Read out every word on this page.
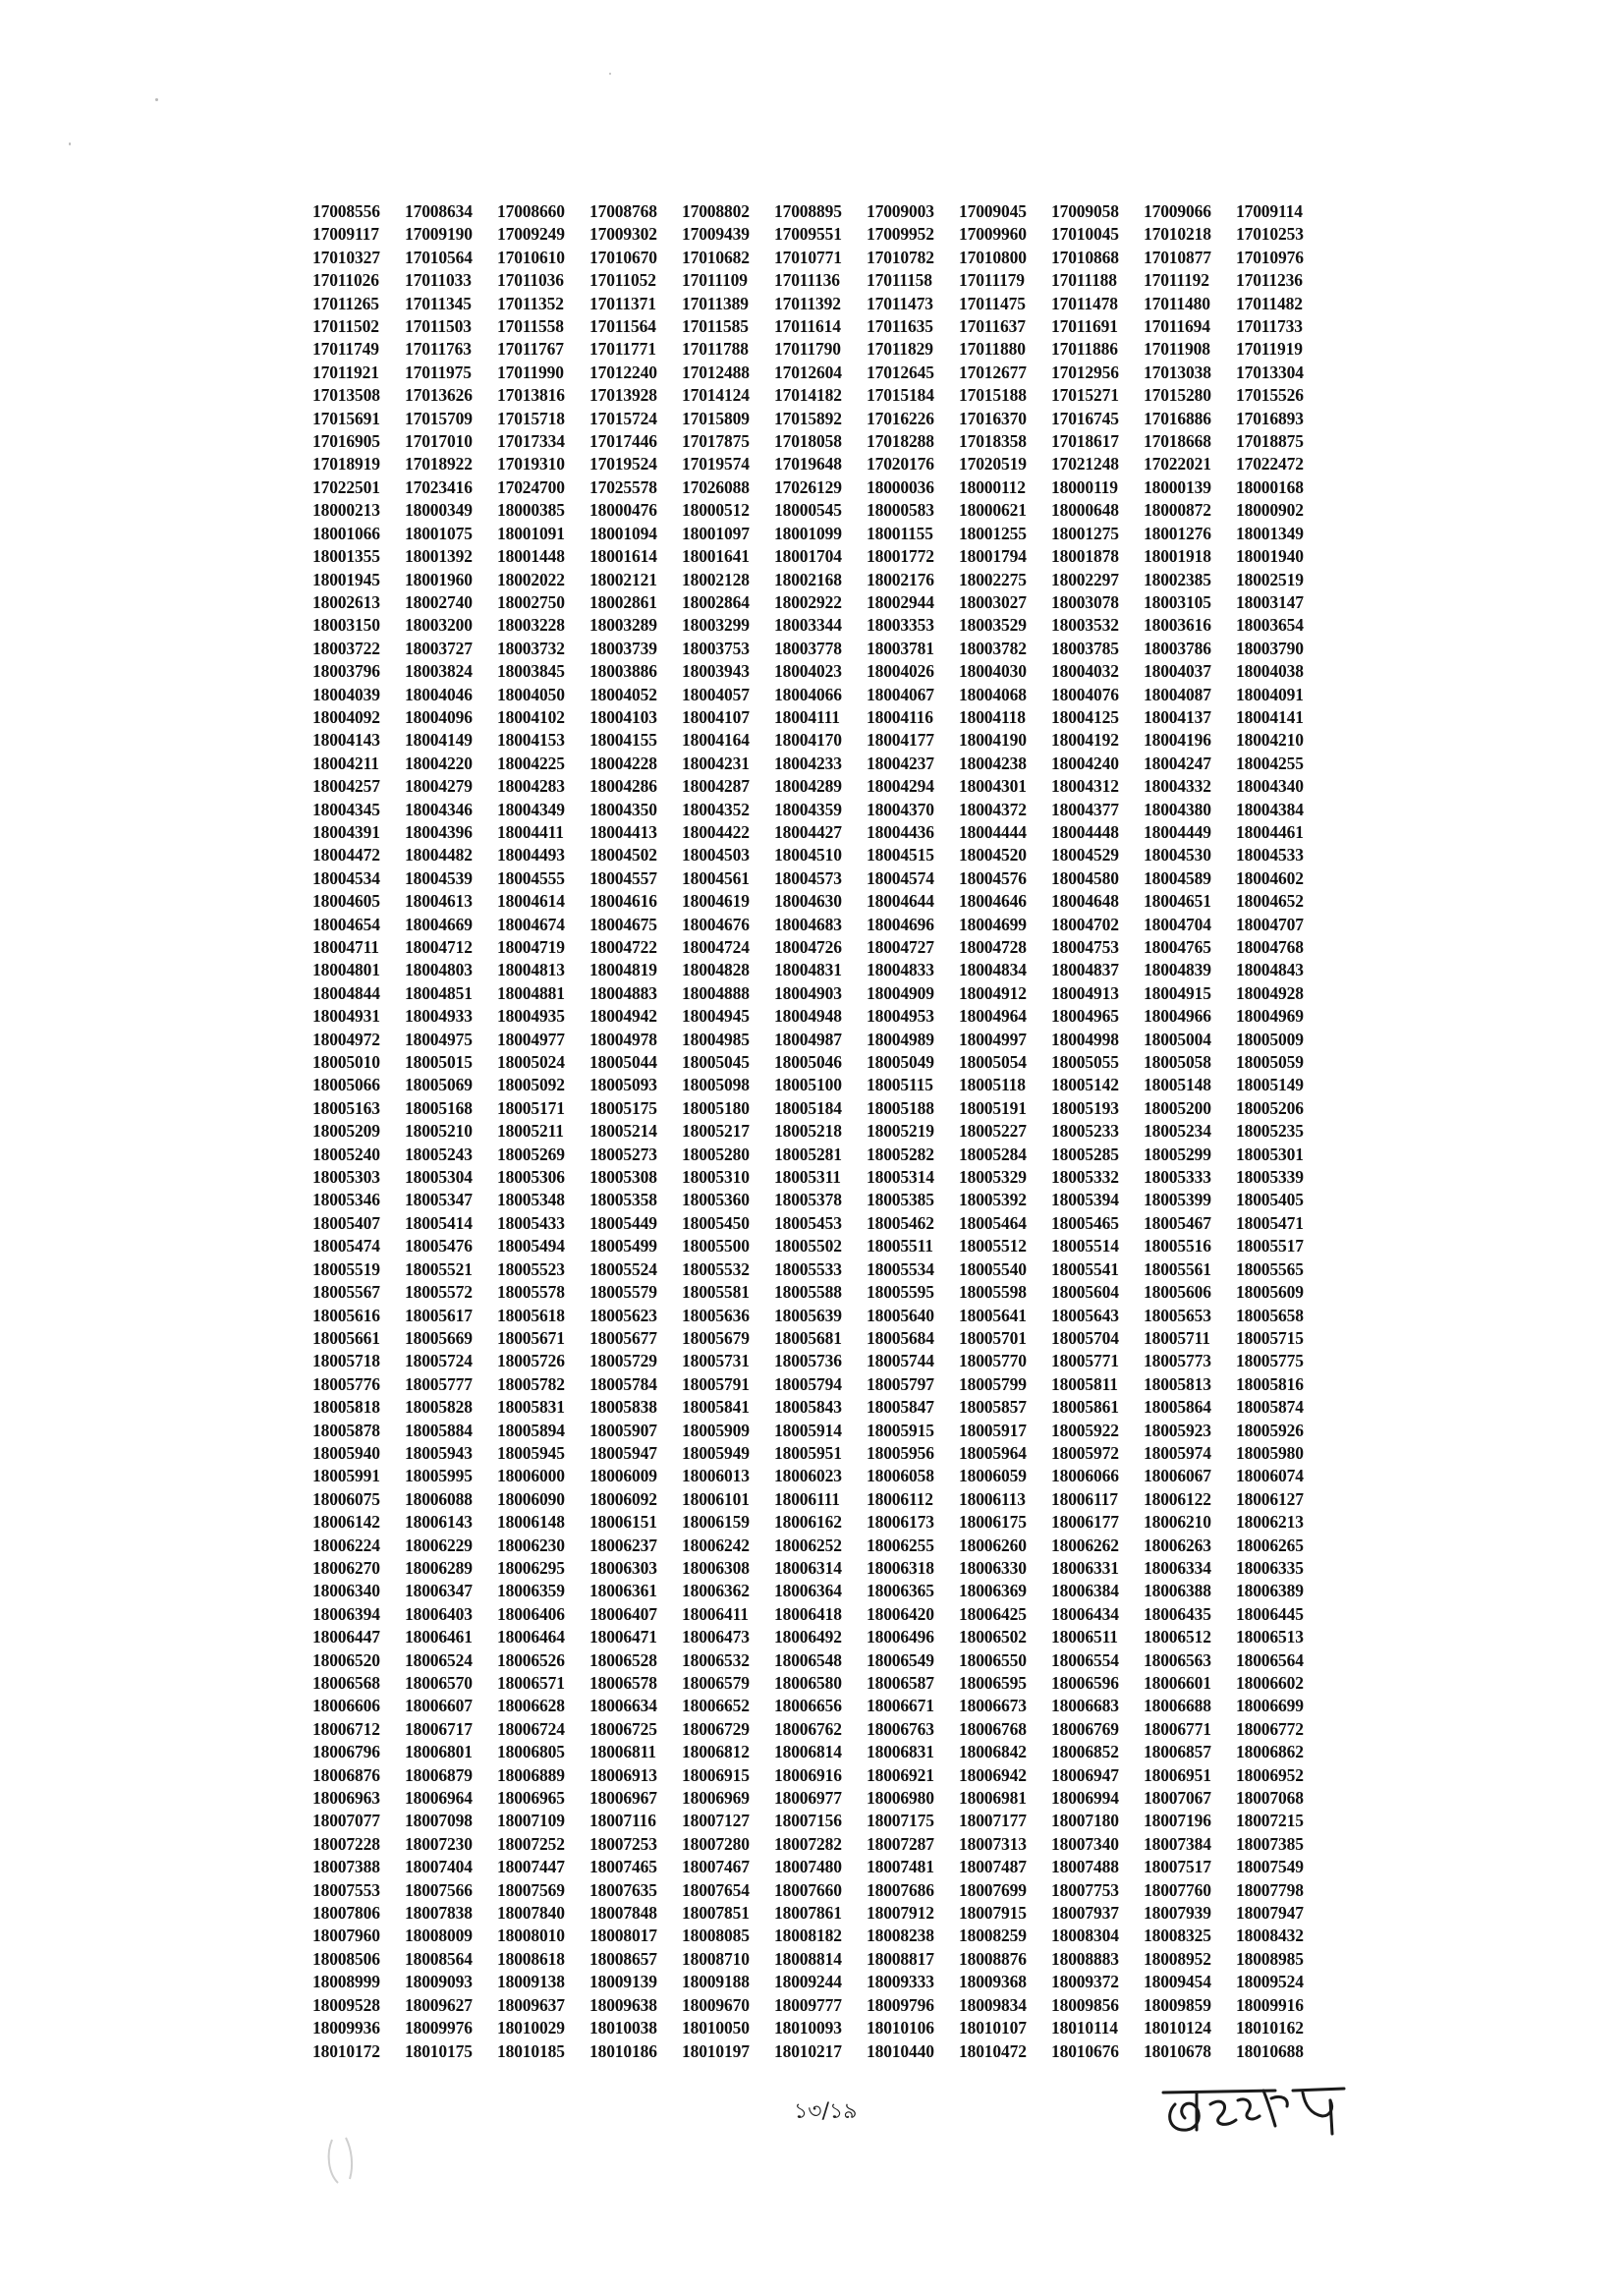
17008556	17008634	17008660	17008768	17008802	17008895	17009003	17009045	17009058	17009066	17009114
17009117	17009190	17009249	17009302	17009439	17009551	17009952	17009960	17010045	17010218	17010253
17010327	17010564	17010610	17010670	17010682	17010771	17010782	17010800	17010868	17010877	17010976
17011026	17011033	17011036	17011052	17011109	17011136	17011158	17011179	17011188	17011192	17011236
17011265	17011345	17011352	17011371	17011389	17011392	17011473	17011475	17011478	17011480	17011482
17011502	17011503	17011558	17011564	17011585	17011614	17011635	17011637	17011691	17011694	17011733
17011749	17011763	17011767	17011771	17011788	17011790	17011829	17011880	17011886	17011908	17011919
17011921	17011975	17011990	17012240	17012488	17012604	17012645	17012677	17012956	17013038	17013304
17013508	17013626	17013816	17013928	17014124	17014182	17015184	17015188	17015271	17015280	17015526
17015691	17015709	17015718	17015724	17015809	17015892	17016226	17016370	17016745	17016886	17016893
17016905	17017010	17017334	17017446	17017875	17018058	17018288	17018358	17018617	17018668	17018875
17018919	17018922	17019310	17019524	17019574	17019648	17020176	17020519	17021248	17022021	17022472
17022501	17023416	17024700	17025578	17026088	17026129	18000036	18000112	18000119	18000139	18000168
18000213	18000349	18000385	18000476	18000512	18000545	18000583	18000621	18000648	18000872	18000902
18001066	18001075	18001091	18001094	18001097	18001099	18001155	18001255	18001275	18001276	18001349
18001355	18001392	18001448	18001614	18001641	18001704	18001772	18001794	18001878	18001918	18001940
18001945	18001960	18002022	18002121	18002128	18002168	18002176	18002275	18002297	18002385	18002519
18002613	18002740	18002750	18002861	18002864	18002922	18002944	18003027	18003078	18003105	18003147
18003150	18003200	18003228	18003289	18003299	18003344	18003353	18003529	18003532	18003616	18003654
18003722	18003727	18003732	18003739	18003753	18003778	18003781	18003782	18003785	18003786	18003790
18003796	18003824	18003845	18003886	18003943	18004023	18004026	18004030	18004032	18004037	18004038
18004039	18004046	18004050	18004052	18004057	18004066	18004067	18004068	18004076	18004087	18004091
18004092	18004096	18004102	18004103	18004107	18004111	18004116	18004118	18004125	18004137	18004141
18004143	18004149	18004153	18004155	18004164	18004170	18004177	18004190	18004192	18004196	18004210
18004211	18004220	18004225	18004228	18004231	18004233	18004237	18004238	18004240	18004247	18004255
18004257	18004279	18004283	18004286	18004287	18004289	18004294	18004301	18004312	18004332	18004340
18004345	18004346	18004349	18004350	18004352	18004359	18004370	18004372	18004377	18004380	18004384
18004391	18004396	18004411	18004413	18004422	18004427	18004436	18004444	18004448	18004449	18004461
18004472	18004482	18004493	18004502	18004503	18004510	18004515	18004520	18004529	18004530	18004533
18004534	18004539	18004555	18004557	18004561	18004573	18004574	18004576	18004580	18004589	18004602
18004605	18004613	18004614	18004616	18004619	18004630	18004644	18004646	18004648	18004651	18004652
18004654	18004669	18004674	18004675	18004676	18004683	18004696	18004699	18004702	18004704	18004707
18004711	18004712	18004719	18004722	18004724	18004726	18004727	18004728	18004753	18004765	18004768
18004801	18004803	18004813	18004819	18004828	18004831	18004833	18004834	18004837	18004839	18004843
18004844	18004851	18004881	18004883	18004888	18004903	18004909	18004912	18004913	18004915	18004928
18004931	18004933	18004935	18004942	18004945	18004948	18004953	18004964	18004965	18004966	18004969
18004972	18004975	18004977	18004978	18004985	18004987	18004989	18004997	18004998	18005004	18005009
18005010	18005015	18005024	18005044	18005045	18005046	18005049	18005054	18005055	18005058	18005059
18005066	18005069	18005092	18005093	18005098	18005100	18005115	18005118	18005142	18005148	18005149
18005163	18005168	18005171	18005175	18005180	18005184	18005188	18005191	18005193	18005200	18005206
18005209	18005210	18005211	18005214	18005217	18005218	18005219	18005227	18005233	18005234	18005235
18005240	18005243	18005269	18005273	18005280	18005281	18005282	18005284	18005285	18005299	18005301
18005303	18005304	18005306	18005308	18005310	18005311	18005314	18005329	18005332	18005333	18005339
18005346	18005347	18005348	18005358	18005360	18005378	18005385	18005392	18005394	18005399	18005405
18005407	18005414	18005433	18005449	18005450	18005453	18005462	18005464	18005465	18005467	18005471
18005474	18005476	18005494	18005499	18005500	18005502	18005511	18005512	18005514	18005516	18005517
18005519	18005521	18005523	18005524	18005532	18005533	18005534	18005540	18005541	18005561	18005565
18005567	18005572	18005578	18005579	18005581	18005588	18005595	18005598	18005604	18005606	18005609
18005616	18005617	18005618	18005623	18005636	18005639	18005640	18005641	18005643	18005653	18005658
18005661	18005669	18005671	18005677	18005679	18005681	18005684	18005701	18005704	18005711	18005715
18005718	18005724	18005726	18005729	18005731	18005736	18005744	18005770	18005771	18005773	18005775
18005776	18005777	18005782	18005784	18005791	18005794	18005797	18005799	18005811	18005813	18005816
18005818	18005828	18005831	18005838	18005841	18005843	18005847	18005857	18005861	18005864	18005874
18005878	18005884	18005894	18005907	18005909	18005914	18005915	18005917	18005922	18005923	18005926
18005940	18005943	18005945	18005947	18005949	18005951	18005956	18005964	18005972	18005974	18005980
18005991	18005995	18006000	18006009	18006013	18006023	18006058	18006059	18006066	18006067	18006074
18006075	18006088	18006090	18006092	18006101	18006111	18006112	18006113	18006117	18006122	18006127
18006142	18006143	18006148	18006151	18006159	18006162	18006173	18006175	18006177	18006210	18006213
18006224	18006229	18006230	18006237	18006242	18006252	18006255	18006260	18006262	18006263	18006265
18006270	18006289	18006295	18006303	18006308	18006314	18006318	18006330	18006331	18006334	18006335
18006340	18006347	18006359	18006361	18006362	18006364	18006365	18006369	18006384	18006388	18006389
18006394	18006403	18006406	18006407	18006411	18006418	18006420	18006425	18006434	18006435	18006445
18006447	18006461	18006464	18006471	18006473	18006492	18006496	18006502	18006511	18006512	18006513
18006520	18006524	18006526	18006528	18006532	18006548	18006549	18006550	18006554	18006563	18006564
18006568	18006570	18006571	18006578	18006579	18006580	18006587	18006595	18006596	18006601	18006602
18006606	18006607	18006628	18006634	18006652	18006656	18006671	18006673	18006683	18006688	18006699
18006712	18006717	18006724	18006725	18006729	18006762	18006763	18006768	18006769	18006771	18006772
18006796	18006801	18006805	18006811	18006812	18006814	18006831	18006842	18006852	18006857	18006862
18006876	18006879	18006889	18006913	18006915	18006916	18006921	18006942	18006947	18006951	18006952
18006963	18006964	18006965	18006967	18006969	18006977	18006980	18006981	18006994	18007067	18007068
18007077	18007098	18007109	18007116	18007127	18007156	18007175	18007177	18007180	18007196	18007215
18007228	18007230	18007252	18007253	18007280	18007282	18007287	18007313	18007340	18007384	18007385
18007388	18007404	18007447	18007465	18007467	18007480	18007481	18007487	18007488	18007517	18007549
18007553	18007566	18007569	18007635	18007654	18007660	18007686	18007699	18007753	18007760	18007798
18007806	18007838	18007840	18007848	18007851	18007861	18007912	18007915	18007937	18007939	18007947
18007960	18008009	18008010	18008017	18008085	18008182	18008238	18008259	18008304	18008325	18008432
18008506	18008564	18008618	18008657	18008710	18008814	18008817	18008876	18008883	18008952	18008985
18008999	18009093	18009138	18009139	18009188	18009244	18009333	18009368	18009372	18009454	18009524
18009528	18009627	18009637	18009638	18009670	18009777	18009796	18009834	18009856	18009859	18009916
18009936	18009976	18010029	18010038	18010050	18010093	18010106	18010107	18010114	18010124	18010162
18010172	18010175	18010185	18010186	18010197	18010217	18010440	18010472	18010676	18010678	18010688
১৩/১৯
